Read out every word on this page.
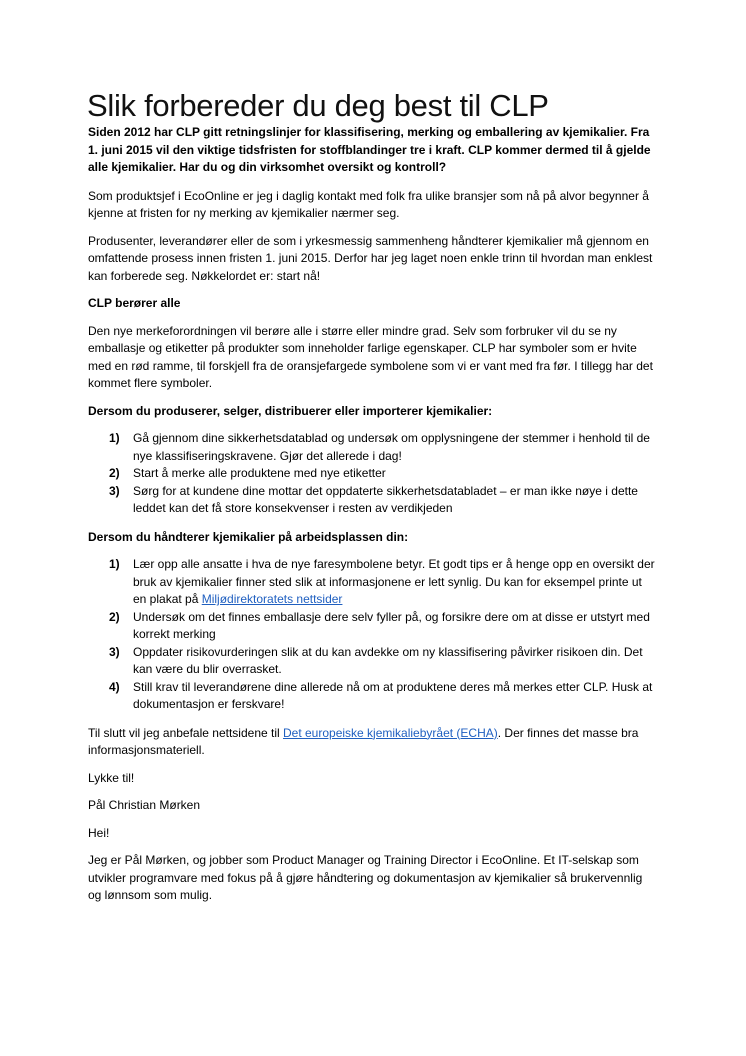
Slik forbereder du deg best til CLP

Siden 2012 har CLP gitt retningslinjer for klassifisering, merking og emballering av kjemikalier. Fra 1. juni 2015 vil den viktige tidsfristen for stoffblandinger tre i kraft. CLP kommer dermed til å gjelde alle kjemikalier. Har du og din virksomhet oversikt og kontroll?

Som produktsjef i EcoOnline er jeg i daglig kontakt med folk fra ulike bransjer som nå på alvor begynner å kjenne at fristen for ny merking av kjemikalier nærmer seg.

Produsenter, leverandører eller de som i yrkesmessig sammenheng håndterer kjemikalier må gjennom en omfattende prosess innen fristen 1. juni 2015. Derfor har jeg laget noen enkle trinn til hvordan man enklest kan forberede seg. Nøkkelordet er: start nå!

CLP berører alle

Den nye merkeforordningen vil berøre alle i større eller mindre grad. Selv som forbruker vil du se ny emballasje og etiketter på produkter som inneholder farlige egenskaper. CLP har symboler som er hvite med en rød ramme, til forskjell fra de oransjefargede symbolene som vi er vant med fra før. I tillegg har det kommet flere symboler.

Dersom du produserer, selger, distribuerer eller importerer kjemikalier:

1) Gå gjennom dine sikkerhetsdatablad og undersøk om opplysningene der stemmer i henhold til de nye klassifiseringskravene. Gjør det allerede i dag!
2) Start å merke alle produktene med nye etiketter
3) Sørg for at kundene dine mottar det oppdaterte sikkerhetsdatabladet – er man ikke nøye i dette leddet kan det få store konsekvenser i resten av verdikjeden

Dersom du håndterer kjemikalier på arbeidsplassen din:

1) Lær opp alle ansatte i hva de nye faresymbolene betyr. Et godt tips er å henge opp en oversikt der bruk av kjemikalier finner sted slik at informasjonene er lett synlig. Du kan for eksempel printe ut en plakat på Miljødirektoratets nettsider
2) Undersøk om det finnes emballasje dere selv fyller på, og forsikre dere om at disse er utstyrt med korrekt merking
3) Oppdater risikovurderingen slik at du kan avdekke om ny klassifisering påvirker risikoen din. Det kan være du blir overrasket.
4) Still krav til leverandørene dine allerede nå om at produktene deres må merkes etter CLP. Husk at dokumentasjon er ferskvare!

Til slutt vil jeg anbefale nettsidene til Det europeiske kjemikaliebyrået (ECHA). Der finnes det masse bra informasjonsmateriell.

Lykke til!

Pål Christian Mørken

Hei!

Jeg er Pål Mørken, og jobber som Product Manager og Training Director i EcoOnline. Et IT-selskap som utvikler programvare med fokus på å gjøre håndtering og dokumentasjon av kjemikalier så brukervennlig og lønnsom som mulig.
